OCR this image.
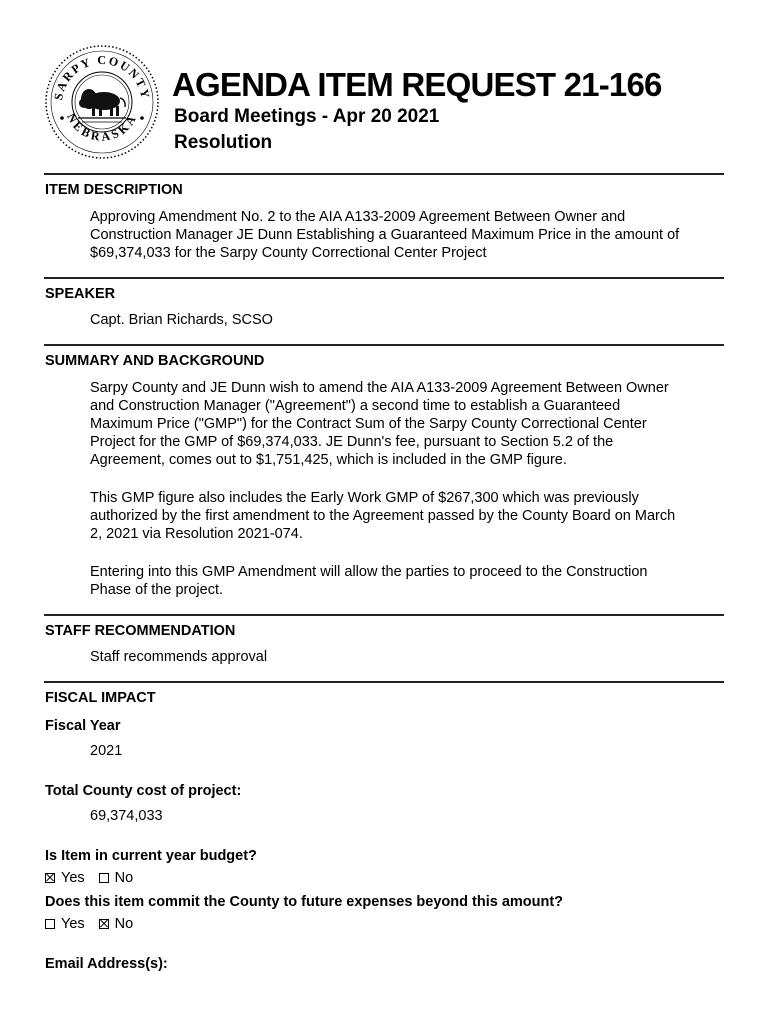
SARPY COUNTY
NEBRASKA
AGENDA ITEM REQUEST 21-166
Board Meetings - Apr 20 2021
Resolution
ITEM DESCRIPTION
Approving Amendment No. 2 to the AIA A133-2009 Agreement Between Owner and
Construction Manager JE Dunn Establishing a Guaranteed Maximum Price in the amount of
$69,374,033 for the Sarpy County Correctional Center Project
SPEAKER
Capt. Brian Richards, SCSO
SUMMARY AND BACKGROUND
Sarpy County and JE Dunn wish to amend the AIA A133-2009 Agreement Between Owner
and Construction Manager ("Agreement") a second time to establish a Guaranteed
Maximum Price ("GMP") for the Contract Sum of the Sarpy County Correctional Center
Project for the GMP of $69,374,033. JE Dunn's fee, pursuant to Section 5.2 of the
Agreement, comes out to $1,751,425, which is included in the GMP figure.
This GMP figure also includes the Early Work GMP of $267,300 which was previously
authorized by the first amendment to the Agreement passed by the County Board on March
2, 2021 via Resolution 2021-074.
Entering into this GMP Amendment will allow the parties to proceed to the Construction
Phase of the project.
STAFF RECOMMENDATION
Staff recommends approval
FISCAL IMPACT
Fiscal Year
2021
Total County cost of project:
69,374,033
Is Item in current year budget?
Yes No
Does this item commit the County to future expenses beyond this amount?
Yes No
Email Address(s):
